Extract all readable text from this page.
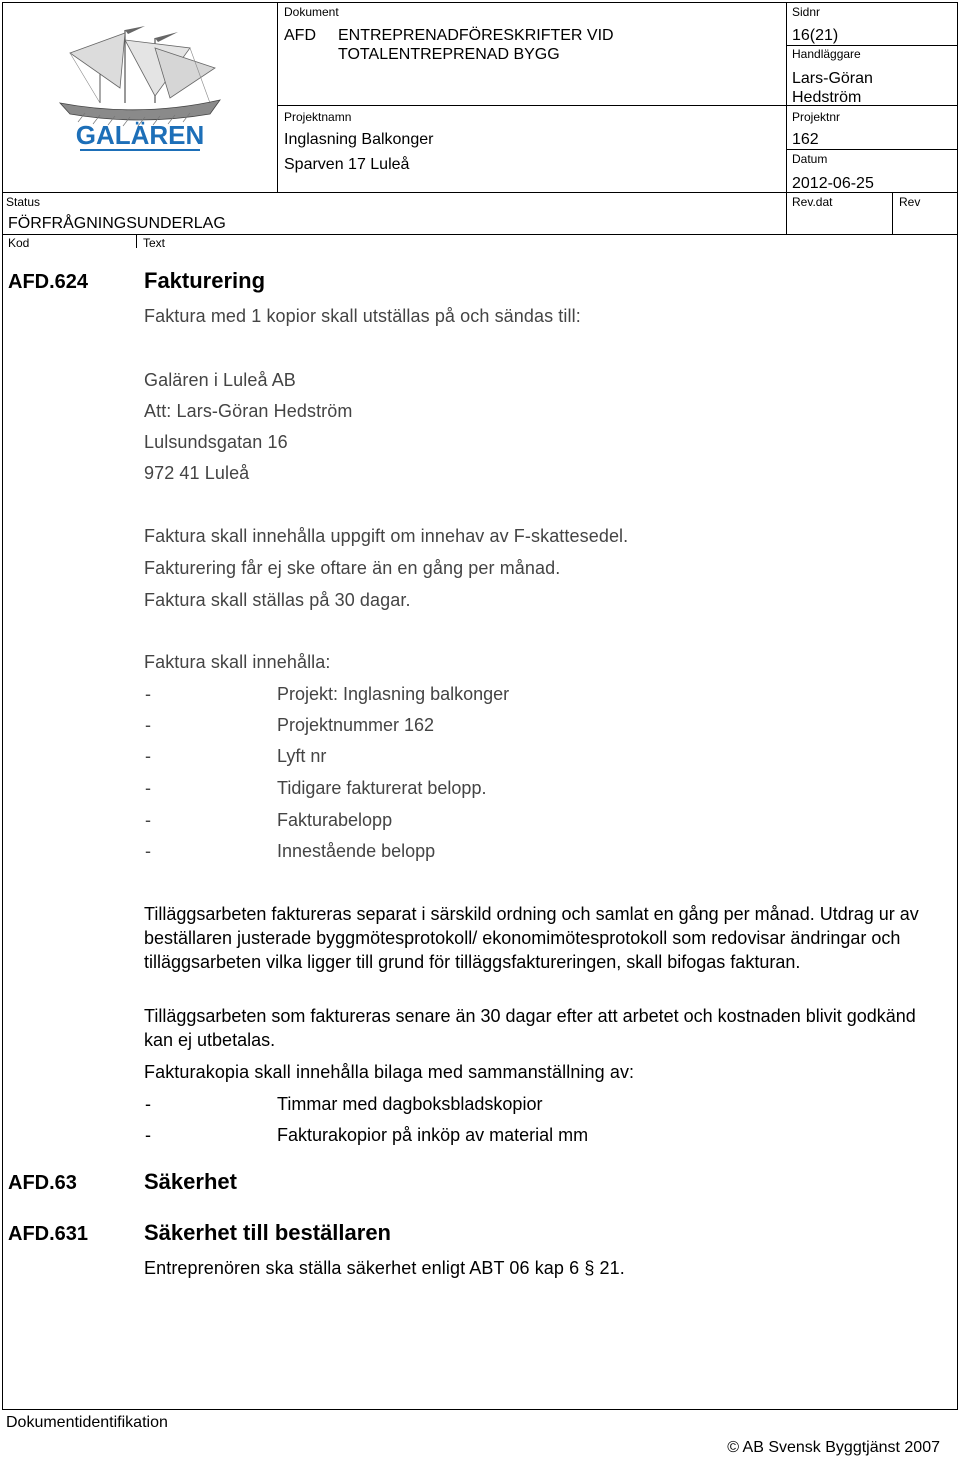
GALÄREN
Dokument
AFD ENTREPRENADFÖRESKRIFTER VID
TOTALENTREPRENAD BYGG
Projektnamn
Inglasning Balkonger
Sparven 17 Luleå
Sidnr
16(21)
Handläggare
Lars-Göran
Hedström
Projektnr
162
Datum
2012-06-25
Status
FÖRFRÅGNINGSUNDERLAG
Rev.dat	Rev
Kod	Text
AFD.624	Fakturering
Faktura med 1 kopior skall utställas på och sändas till:
Galären i Luleå AB
Att: Lars-Göran Hedström
Lulsundsgatan 16
972 41 Luleå
Faktura skall innehålla uppgift om innehav av F-skattesedel.
Fakturering får ej ske oftare än en gång per månad.
Faktura skall ställas på 30 dagar.
Faktura skall innehålla:
-	Projekt: Inglasning balkonger
-	Projektnummer 162
-	Lyft nr
-	Tidigare fakturerat belopp.
-	Fakturabelopp
-	Innestående belopp
Tilläggsarbeten faktureras separat i särskild ordning och samlat en gång per månad. Utdrag ur av beställaren justerade byggmötesprotokoll/ ekonomimötesprotokoll som redovisar ändringar och tilläggsarbeten vilka ligger till grund för tilläggsfaktureringen, skall bifogas fakturan.
Tilläggsarbeten som faktureras senare än 30 dagar efter att arbetet och kostnaden blivit godkänd kan ej utbetalas.
Fakturakopia skall innehålla bilaga med sammanställning av:
-	Timmar med dagboksbladskopior
-	Fakturakopior på inköp av material mm
AFD.63	Säkerhet
AFD.631	Säkerhet till beställaren
Entreprenören ska ställa säkerhet enligt ABT 06 kap 6 § 21.
Dokumentidentifikation
© AB Svensk Byggtjänst 2007
